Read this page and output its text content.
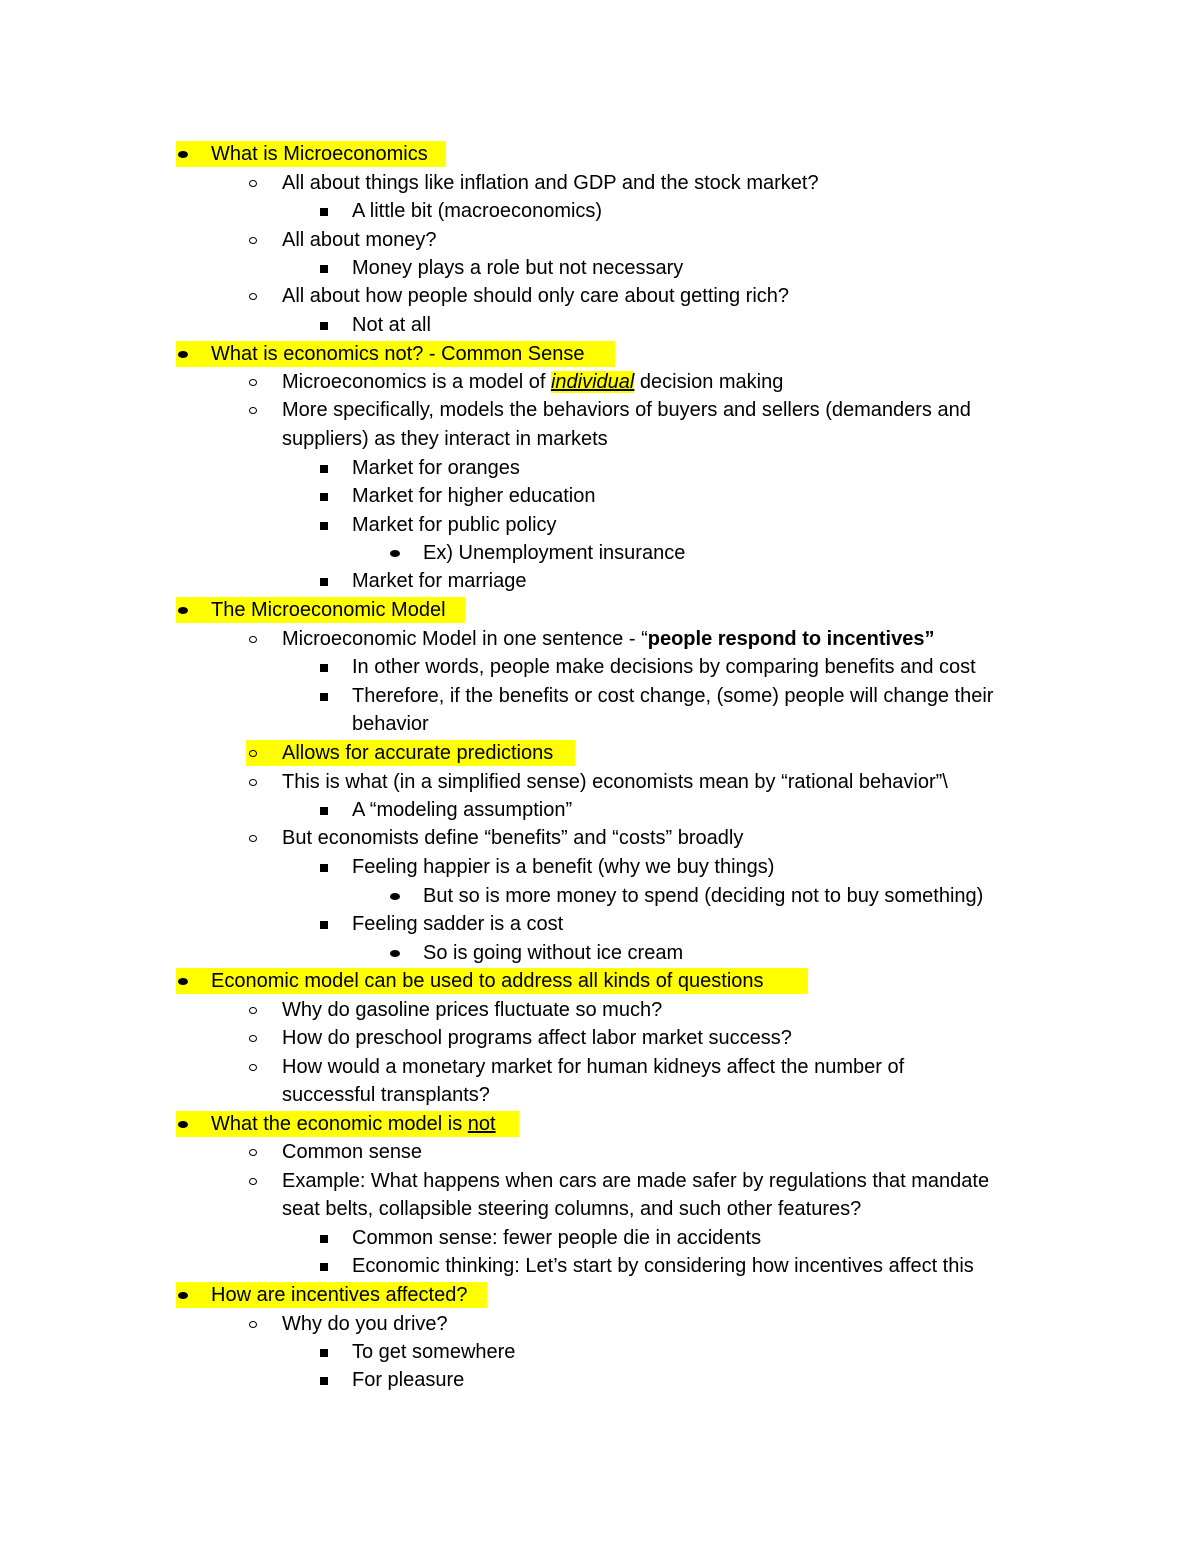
What is Microeconomics
All about things like inflation and GDP and the stock market?
A little bit (macroeconomics)
All about money?
Money plays a role but not necessary
All about how people should only care about getting rich?
Not at all
What is economics not? - Common Sense
Microeconomics is a model of individual decision making
More specifically, models the behaviors of buyers and sellers (demanders and
suppliers) as they interact in markets
Market for oranges
Market for higher education
Market for public policy
Ex) Unemployment insurance
Market for marriage
The Microeconomic Model
Microeconomic Model in one sentence - “people respond to incentives”
In other words, people make decisions by comparing benefits and cost
Therefore, if the benefits or cost change, (some) people will change their
behavior
Allows for accurate predictions
This is what (in a simplified sense) economists mean by “rational behavior”\
A “modeling assumption”
But economists define “benefits” and “costs” broadly
Feeling happier is a benefit (why we buy things)
But so is more money to spend (deciding not to buy something)
Feeling sadder is a cost
So is going without ice cream
Economic model can be used to address all kinds of questions
Why do gasoline prices fluctuate so much?
How do preschool programs affect labor market success?
How would a monetary market for human kidneys affect the number of
successful transplants?
What the economic model is not
Common sense
Example: What happens when cars are made safer by regulations that mandate
seat belts, collapsible steering columns, and such other features?
Common sense: fewer people die in accidents
Economic thinking: Let’s start by considering how incentives affect this
How are incentives affected?
Why do you drive?
To get somewhere
For pleasure
